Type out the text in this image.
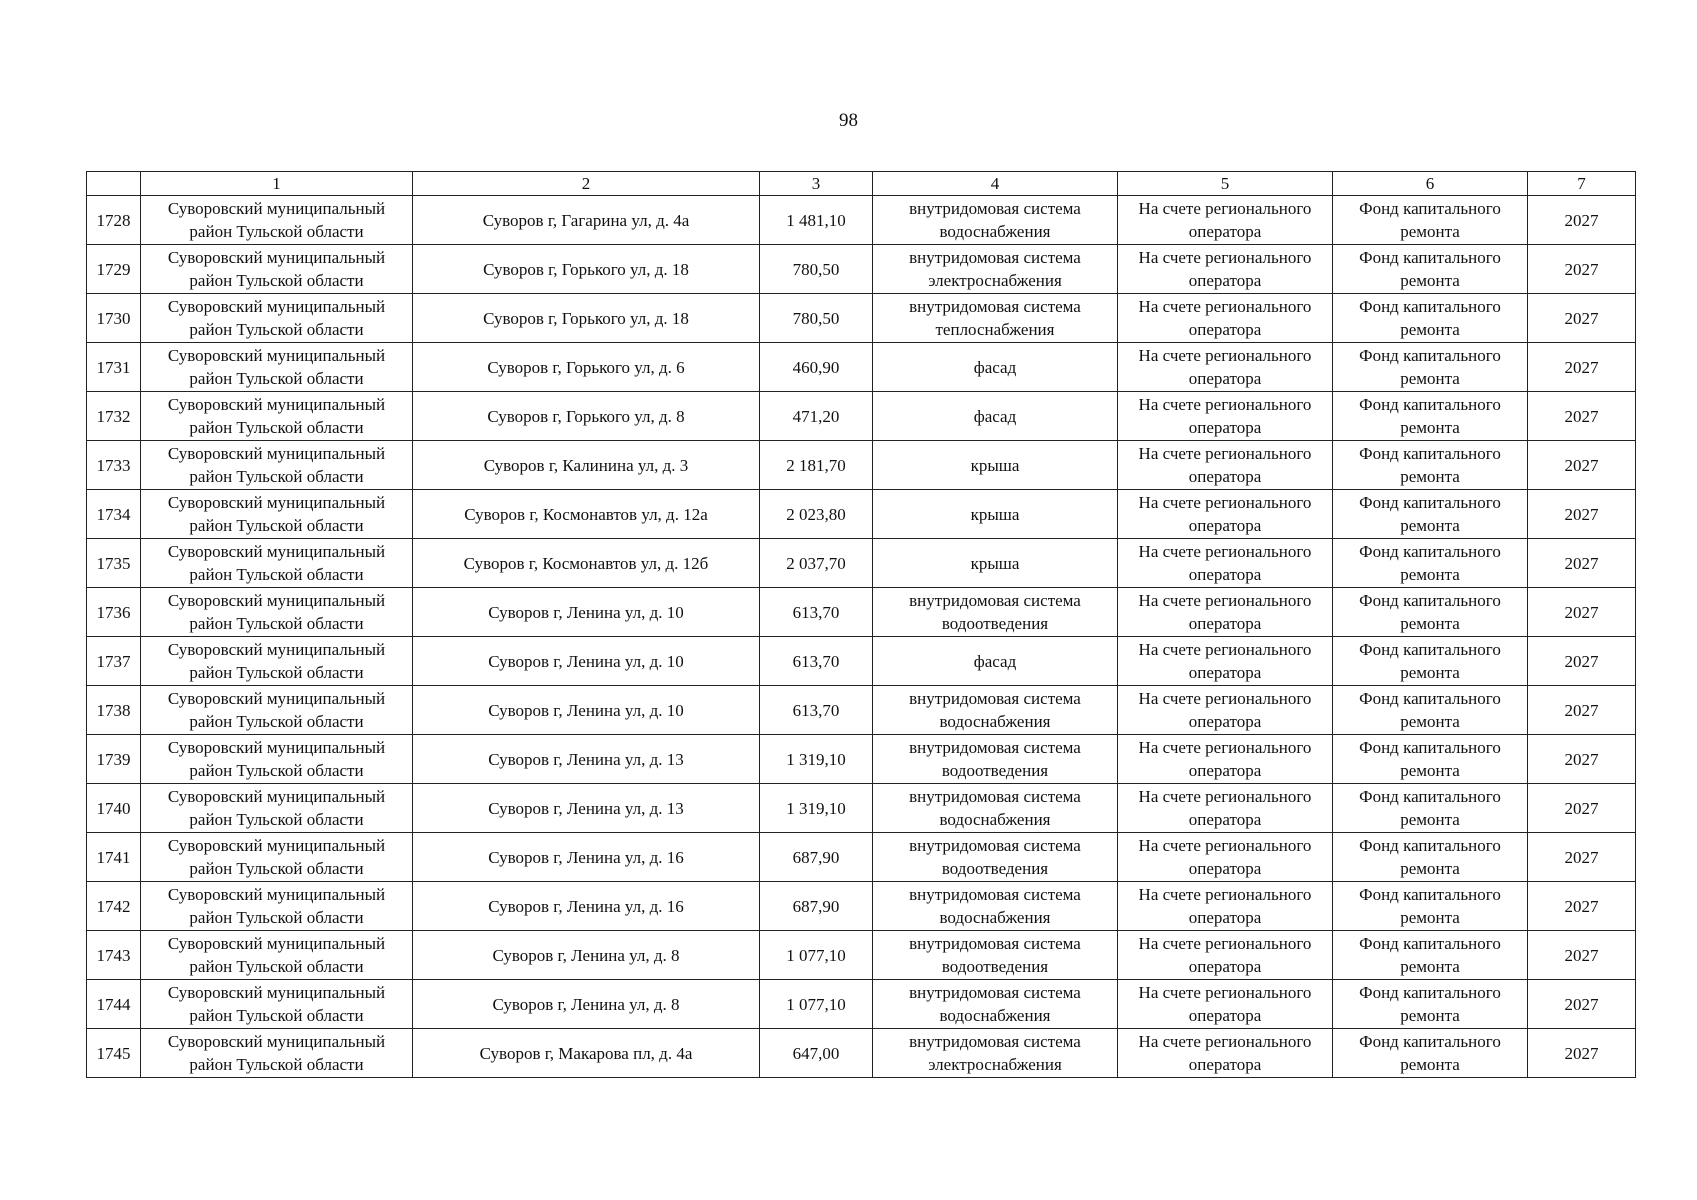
98
	1	2	3	4	5	6	7
1728	Суворовский муниципальный район Тульской области	Суворов г, Гагарина ул, д. 4а	1 481,10	внутридомовая система водоснабжения	На счете регионального оператора	Фонд капитального ремонта	2027
1729	Суворовский муниципальный район Тульской области	Суворов г, Горького ул, д. 18	780,50	внутридомовая система электроснабжения	На счете регионального оператора	Фонд капитального ремонта	2027
1730	Суворовский муниципальный район Тульской области	Суворов г, Горького ул, д. 18	780,50	внутридомовая система теплоснабжения	На счете регионального оператора	Фонд капитального ремонта	2027
1731	Суворовский муниципальный район Тульской области	Суворов г, Горького ул, д. 6	460,90	фасад	На счете регионального оператора	Фонд капитального ремонта	2027
1732	Суворовский муниципальный район Тульской области	Суворов г, Горького ул, д. 8	471,20	фасад	На счете регионального оператора	Фонд капитального ремонта	2027
1733	Суворовский муниципальный район Тульской области	Суворов г, Калинина ул, д. 3	2 181,70	крыша	На счете регионального оператора	Фонд капитального ремонта	2027
1734	Суворовский муниципальный район Тульской области	Суворов г, Космонавтов ул, д. 12а	2 023,80	крыша	На счете регионального оператора	Фонд капитального ремонта	2027
1735	Суворовский муниципальный район Тульской области	Суворов г, Космонавтов ул, д. 12б	2 037,70	крыша	На счете регионального оператора	Фонд капитального ремонта	2027
1736	Суворовский муниципальный район Тульской области	Суворов г, Ленина ул, д. 10	613,70	внутридомовая система водоотведения	На счете регионального оператора	Фонд капитального ремонта	2027
1737	Суворовский муниципальный район Тульской области	Суворов г, Ленина ул, д. 10	613,70	фасад	На счете регионального оператора	Фонд капитального ремонта	2027
1738	Суворовский муниципальный район Тульской области	Суворов г, Ленина ул, д. 10	613,70	внутридомовая система водоснабжения	На счете регионального оператора	Фонд капитального ремонта	2027
1739	Суворовский муниципальный район Тульской области	Суворов г, Ленина ул, д. 13	1 319,10	внутридомовая система водоотведения	На счете регионального оператора	Фонд капитального ремонта	2027
1740	Суворовский муниципальный район Тульской области	Суворов г, Ленина ул, д. 13	1 319,10	внутридомовая система водоснабжения	На счете регионального оператора	Фонд капитального ремонта	2027
1741	Суворовский муниципальный район Тульской области	Суворов г, Ленина ул, д. 16	687,90	внутридомовая система водоотведения	На счете регионального оператора	Фонд капитального ремонта	2027
1742	Суворовский муниципальный район Тульской области	Суворов г, Ленина ул, д. 16	687,90	внутридомовая система водоснабжения	На счете регионального оператора	Фонд капитального ремонта	2027
1743	Суворовский муниципальный район Тульской области	Суворов г, Ленина ул, д. 8	1 077,10	внутридомовая система водоотведения	На счете регионального оператора	Фонд капитального ремонта	2027
1744	Суворовский муниципальный район Тульской области	Суворов г, Ленина ул, д. 8	1 077,10	внутридомовая система водоснабжения	На счете регионального оператора	Фонд капитального ремонта	2027
1745	Суворовский муниципальный район Тульской области	Суворов г, Макарова пл, д. 4а	647,00	внутридомовая система электроснабжения	На счете регионального оператора	Фонд капитального ремонта	2027
